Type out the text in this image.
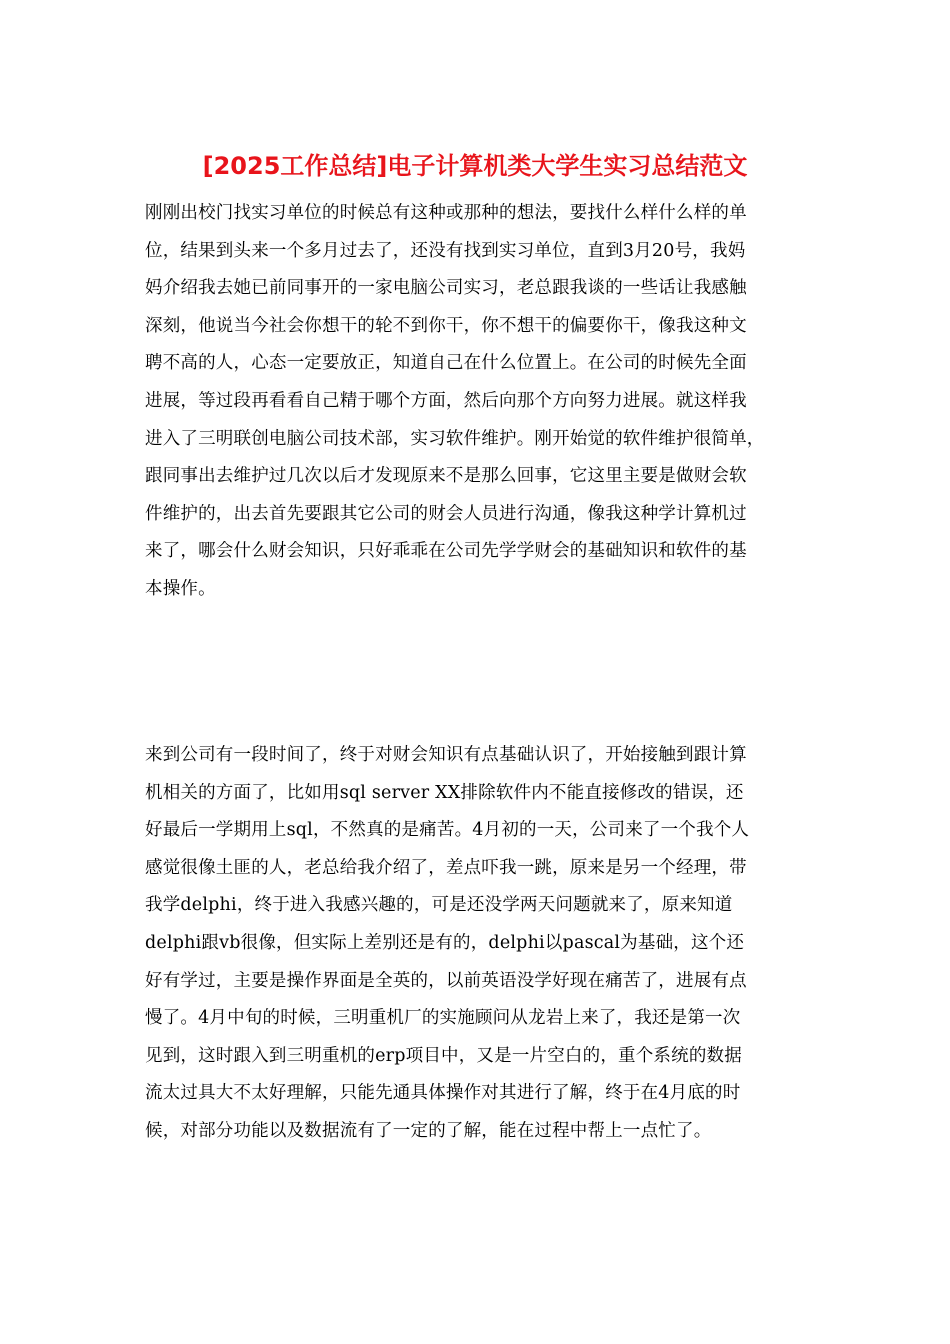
[2025工作总结]电子计算机类大学生实习总结范文
刚刚出校门找实习单位的时候总有这种或那种的想法，要找什么样什么样的单
位，结果到头来一个多月过去了，还没有找到实习单位，直到3月20号，我妈
妈介绍我去她已前同事开的一家电脑公司实习，老总跟我谈的一些话让我感触
深刻，他说当今社会你想干的轮不到你干，你不想干的偏要你干，像我这种文
聘不高的人，心态一定要放正，知道自己在什么位置上。在公司的时候先全面
进展，等过段再看看自己精于哪个方面，然后向那个方向努力进展。就这样我
进入了三明联创电脑公司技术部，实习软件维护。刚开始觉的软件维护很简单，
跟同事出去维护过几次以后才发现原来不是那么回事，它这里主要是做财会软
件维护的，出去首先要跟其它公司的财会人员进行沟通，像我这种学计算机过
来了，哪会什么财会知识，只好乖乖在公司先学学财会的基础知识和软件的基
本操作。
来到公司有一段时间了，终于对财会知识有点基础认识了，开始接触到跟计算
机相关的方面了，比如用sql server XX排除软件内不能直接修改的错误，还
好最后一学期用上sql，不然真的是痛苦。4月初的一天，公司来了一个我个人
感觉很像土匪的人，老总给我介绍了，差点吓我一跳，原来是另一个经理，带
我学delphi，终于进入我感兴趣的，可是还没学两天问题就来了，原来知道
delphi跟vb很像，但实际上差别还是有的，delphi以pascal为基础，这个还
好有学过，主要是操作界面是全英的，以前英语没学好现在痛苦了，进展有点
慢了。4月中旬的时候，三明重机厂的实施顾问从龙岩上来了，我还是第一次
见到，这时跟入到三明重机的erp项目中，又是一片空白的，重个系统的数据
流太过具大不太好理解，只能先通具体操作对其进行了解，终于在4月底的时
候，对部分功能以及数据流有了一定的了解，能在过程中帮上一点忙了。
